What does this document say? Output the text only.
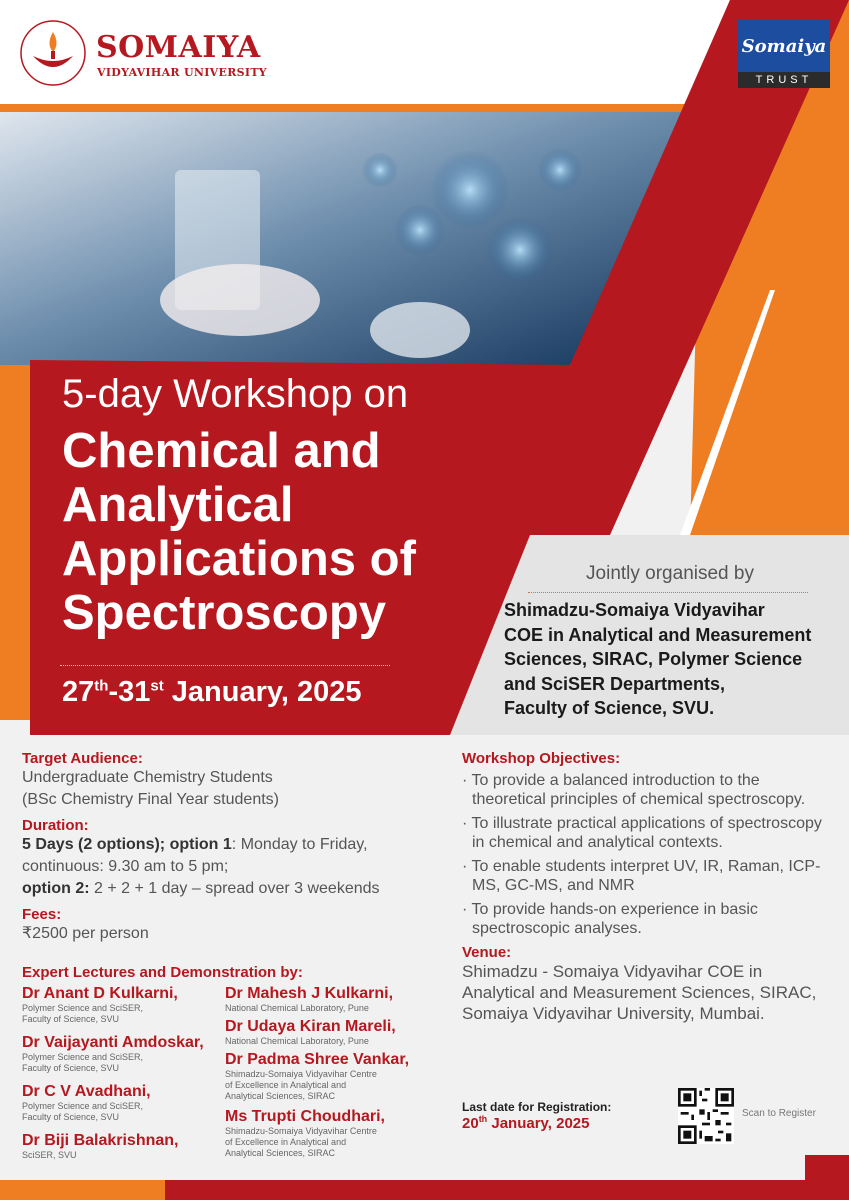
SOMAIYA
VIDYAVIHAR UNIVERSITY
Somaiya
TRUST
5-day Workshop on
Chemical and Analytical Applications of Spectroscopy
27th-31st January, 2025
Jointly organised by
Shimadzu-Somaiya Vidyavihar
COE in Analytical and Measurement
Sciences, SIRAC, Polymer Science
and SciSER Departments,
Faculty of Science, SVU.
Target Audience:
Undergraduate Chemistry Students
(BSc Chemistry Final Year students)
Duration:
5 Days (2 options); option 1: Monday to Friday, continuous: 9.30 am to 5 pm;
option 2: 2 + 2 + 1 day – spread over 3 weekends
Fees:
₹2500 per person
Expert Lectures and Demonstration by:
Dr Anant D Kulkarni,
Polymer Science and SciSER,
Faculty of Science, SVU
Dr Vaijayanti Amdoskar,
Polymer Science and SciSER,
Faculty of Science, SVU
Dr C V Avadhani,
Polymer Science and SciSER,
Faculty of Science, SVU
Dr Biji Balakrishnan,
SciSER, SVU
Dr Mahesh J Kulkarni,
National Chemical Laboratory, Pune
Dr Udaya Kiran Mareli,
National Chemical Laboratory, Pune
Dr Padma Shree Vankar,
Shimadzu-Somaiya Vidyavihar Centre
of Excellence in Analytical and
Analytical Sciences, SIRAC
Ms Trupti Choudhari,
Shimadzu-Somaiya Vidyavihar Centre
of Excellence in Analytical and
Analytical Sciences, SIRAC
Workshop Objectives:
· To provide a balanced introduction to the theoretical principles of chemical spectroscopy.
· To illustrate practical applications of spectroscopy in chemical and analytical contexts.
· To enable students interpret UV, IR, Raman, ICP-MS, GC-MS, and NMR
· To provide hands-on experience in basic spectroscopic analyses.
Venue:
Shimadzu - Somaiya Vidyavihar COE in Analytical and Measurement Sciences, SIRAC, Somaiya Vidyavihar University, Mumbai.
Last date for Registration:
20th January, 2025
Scan to Register
